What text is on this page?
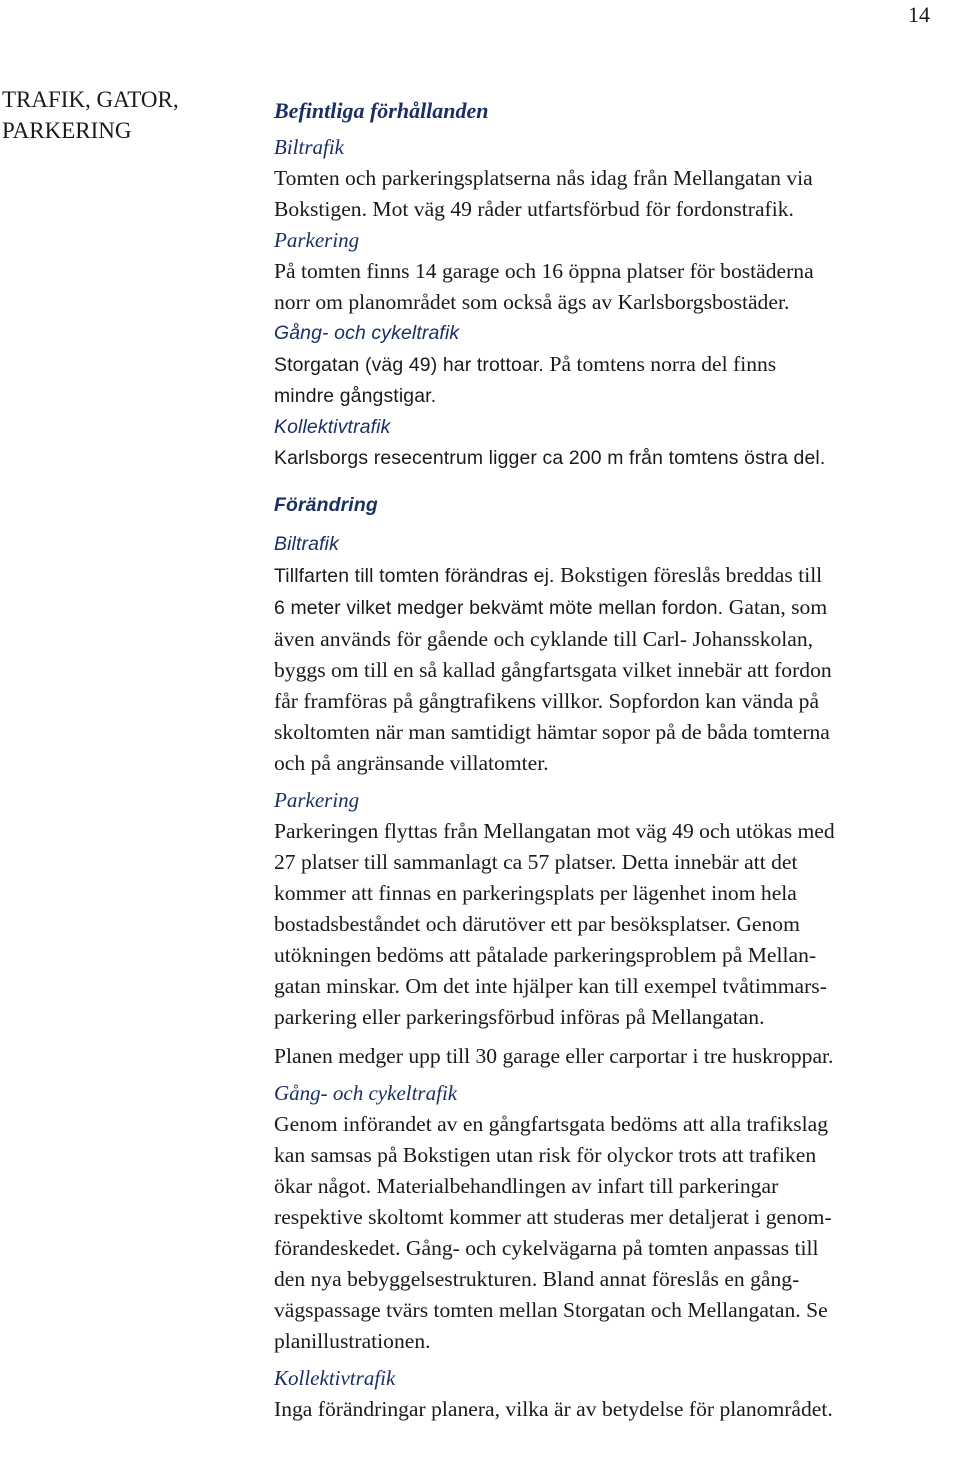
14
TRAFIK, GATOR,
PARKERING
Befintliga förhållanden
Biltrafik
Tomten och parkeringsplatserna nås idag från Mellangatan via
Bokstigen. Mot väg 49 råder utfartsförbud för fordonstrafik.
Parkering
På tomten finns 14 garage och 16 öppna platser för bostäderna
norr om planområdet som också ägs av Karlsborgsbostäder.
Gång- och cykeltrafik
Storgatan (väg 49) har trottoar. På tomtens norra del finns
mindre gångstigar.
Kollektivtrafik
Karlsborgs resecentrum ligger ca 200 m från tomtens östra del.
Förändring
Biltrafik
Tillfarten till tomten förändras ej. Bokstigen föreslås breddas till
6 meter vilket medger bekvämt möte mellan fordon. Gatan, som
även används för gående och cyklande till Carl- Johansskolan,
byggs om till en så kallad gångfartsgata vilket innebär att fordon
får framföras på gångtrafikens villkor. Sopfordon kan vända på
skoltomten när man samtidigt hämtar sopor på de båda tomterna
och på angränsande villatomter.
Parkering
Parkeringen flyttas från Mellangatan mot väg 49 och utökas med
27 platser till sammanlagt ca 57 platser. Detta innebär att det
kommer att finnas en parkeringsplats per lägenhet inom hela
bostadsbeståndet och därutöver ett par besöksplatser. Genom
utökningen bedöms att påtalade parkeringsproblem på Mellan-
gatan minskar. Om det inte hjälper kan till exempel tvåtimmars-
parkering eller parkeringsförbud införas på Mellangatan.
Planen medger upp till 30 garage eller carportar i tre huskroppar.
Gång- och cykeltrafik
Genom införandet av en gångfartsgata bedöms att alla trafikslag
kan samsas på Bokstigen utan risk för olyckor trots att trafiken
ökar något. Materialbehandlingen av infart till parkeringar
respektive skoltomt kommer att studeras mer detaljerat i genom-
förandeskedet. Gång- och cykelvägarna på tomten anpassas till
den nya bebyggelsestrukturen. Bland annat föreslås en gång-
vägspassage tvärs tomten mellan Storgatan och Mellangatan. Se
planillustrationen.
Kollektivtrafik
Inga förändringar planera, vilka är av betydelse för planområdet.
